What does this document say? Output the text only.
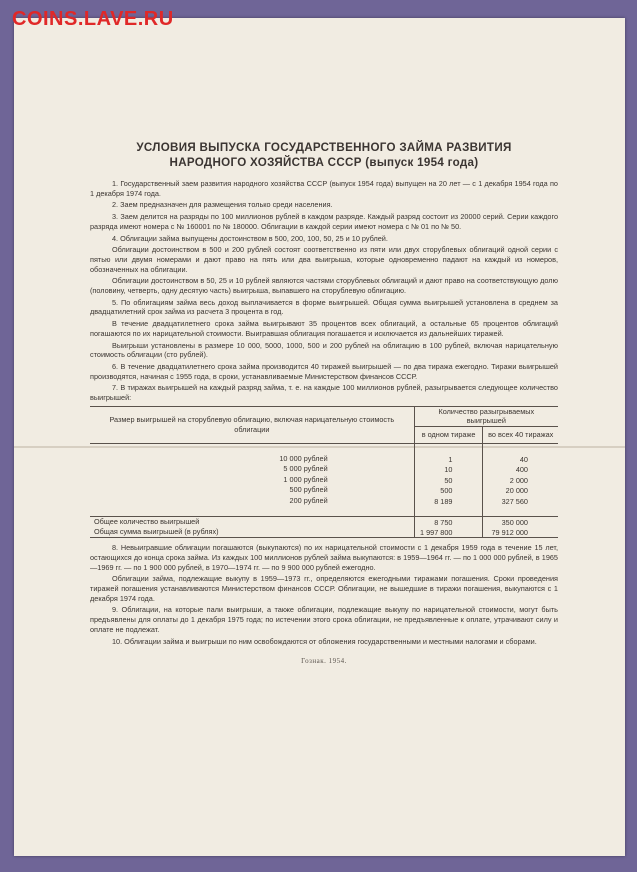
COINS.LAVE.RU
УСЛОВИЯ ВЫПУСКА ГОСУДАРСТВЕННОГО ЗАЙМА РАЗВИТИЯ
НАРОДНОГО ХОЗЯЙСТВА СССР (выпуск 1954 года)

1. Государственный заем развития народного хозяйства СССР (выпуск 1954 года) выпущен на 20 лет — с 1 декабря 1954 года по 1 декабря 1974 года.

2. Заем предназначен для размещения только среди населения.

3. Заем делится на разряды по 100 миллионов рублей в каждом разряде. Каждый разряд состоит из 20000 серий. Серии каждого разряда имеют номера с № 160001 по № 180000. Облигации в каждой серии имеют номера с № 01 по № 50.

4. Облигации займа выпущены достоинством в 500, 200, 100, 50, 25 и 10 рублей.

Облигации достоинством в 500 и 200 рублей состоят соответственно из пяти или двух сторублевых облигаций одной серии с пятью или двумя номерами и дают право на пять или два выигрыша, которые одновременно падают на каждый из номеров, обозначенных на облигации.

Облигации достоинством в 50, 25 и 10 рублей являются частями сторублевых облигаций и дают право на соответствующую долю (половину, четверть, одну десятую часть) выигрыша, выпавшего на сторублевую облигацию.

5. По облигациям займа весь доход выплачивается в форме выигрышей. Общая сумма выигрышей установлена в среднем за двадцатилетний срок займа из расчета 3 процента в год.

В течение двадцатилетнего срока займа выигрывают 35 процентов всех облигаций, а остальные 65 процентов облигаций погашаются по их нарицательной стоимости. Выигравшая облигация погашается и исключается из дальнейших тиражей.

Выигрыши установлены в размере 10 000, 5000, 1000, 500 и 200 рублей на облигацию в 100 рублей, включая нарицательную стоимость облигации (сто рублей).

6. В течение двадцатилетнего срока займа производится 40 тиражей выигрышей — по два тиража ежегодно. Тиражи выигрышей производятся, начиная с 1955 года, в сроки, устанавливаемые Министерством финансов СССР.

7. В тиражах выигрышей на каждый разряд займа, т. е. на каждые 100 миллионов рублей, разыгрывается следующее количество выигрышей:

Размер выигрышей на сторублевую облигацию, включая нарицательную стоимость облигации	Количество разыгрываемых выигрышей	
	в одном тираже	во всех 40 тиражах

10 000 рублей	1	40
5 000 рублей	10	400
1 000 рублей	50	2 000
500 рублей	500	20 000
200 рублей	8 189	327 560

Общее количество выигрышей	8 750	350 000
Общая сумма выигрышей (в рублях)	1 997 800	79 912 000

8. Невыигравшие облигации погашаются (выкупаются) по их нарицательной стоимости с 1 декабря 1959 года в течение 15 лет, остающихся до конца срока займа. Из каждых 100 миллионов рублей займа выкупаются: в 1959—1964 гг. — по 1 000 000 рублей, в 1965—1969 гг. — по 1 900 000 рублей, в 1970—1974 гг. — по 9 900 000 рублей ежегодно.

Облигации займа, подлежащие выкупу в 1959—1973 гг., определяются ежегодными тиражами погашения. Сроки проведения тиражей погашения устанавливаются Министерством финансов СССР. Облигации, не вышедшие в тиражи погашения, выкупаются с 1 декабря 1974 года.

9. Облигации, на которые пали выигрыши, а также облигации, подлежащие выкупу по нарицательной стоимости, могут быть предъявлены для оплаты до 1 декабря 1975 года; по истечении этого срока облигации, не предъявленные к оплате, утрачивают силу и оплате не подлежат.

10. Облигации займа и выигрыши по ним освобождаются от обложения государственными и местными налогами и сборами.

Гознак. 1954.
